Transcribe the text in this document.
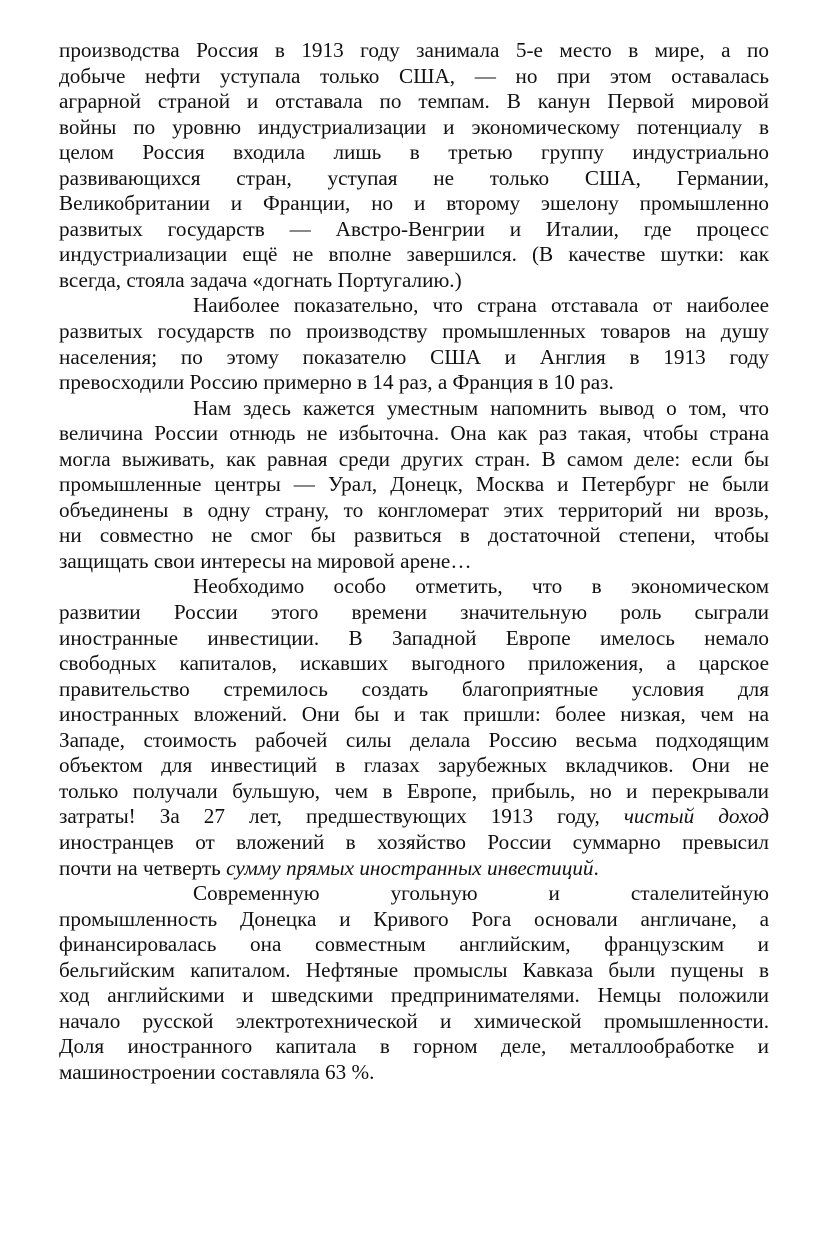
производства Россия в 1913 году занимала 5-е место в мире, а по
добыче нефти уступала только США, — но при этом оставалась
аграрной страной и отставала по темпам. В канун Первой мировой
войны по уровню индустриализации и экономическому потенциалу в
целом Россия входила лишь в третью группу индустриально
развивающихся стран, уступая не только США, Германии,
Великобритании и Франции, но и второму эшелону промышленно
развитых государств — Австро-Венгрии и Италии, где процесс
индустриализации ещё не вполне завершился. (В качестве шутки: как
всегда, стояла задача «догнать Португалию.)
Наиболее показательно, что страна отставала от наиболее
развитых государств по производству промышленных товаров на душу
населения; по этому показателю США и Англия в 1913 году
превосходили Россию примерно в 14 раз, а Франция в 10 раз.
Нам здесь кажется уместным напомнить вывод о том, что
величина России отнюдь не избыточна. Она как раз такая, чтобы страна
могла выживать, как равная среди других стран. В самом деле: если бы
промышленные центры — Урал, Донецк, Москва и Петербург не были
объединены в одну страну, то конгломерат этих территорий ни врозь,
ни совместно не смог бы развиться в достаточной степени, чтобы
защищать свои интересы на мировой арене…
Необходимо особо отметить, что в экономическом
развитии России этого времени значительную роль сыграли
иностранные инвестиции. В Западной Европе имелось немало
свободных капиталов, искавших выгодного приложения, а царское
правительство стремилось создать благоприятные условия для
иностранных вложений. Они бы и так пришли: более низкая, чем на
Западе, стоимость рабочей силы делала Россию весьма подходящим
объектом для инвестиций в глазах зарубежных вкладчиков. Они не
только получали бульшую, чем в Европе, прибыль, но и перекрывали
затраты! За 27 лет, предшествующих 1913 году, чистый доход
иностранцев от вложений в хозяйство России суммарно превысил
почти на четверть сумму прямых иностранных инвестиций.
Современную угольную и сталелитейную
промышленность Донецка и Кривого Рога основали англичане, а
финансировалась она совместным английским, французским и
бельгийским капиталом. Нефтяные промыслы Кавказа были пущены в
ход английскими и шведскими предпринимателями. Немцы положили
начало русской электротехнической и химической промышленности.
Доля иностранного капитала в горном деле, металлообработке и
машиностроении составляла 63 %.
